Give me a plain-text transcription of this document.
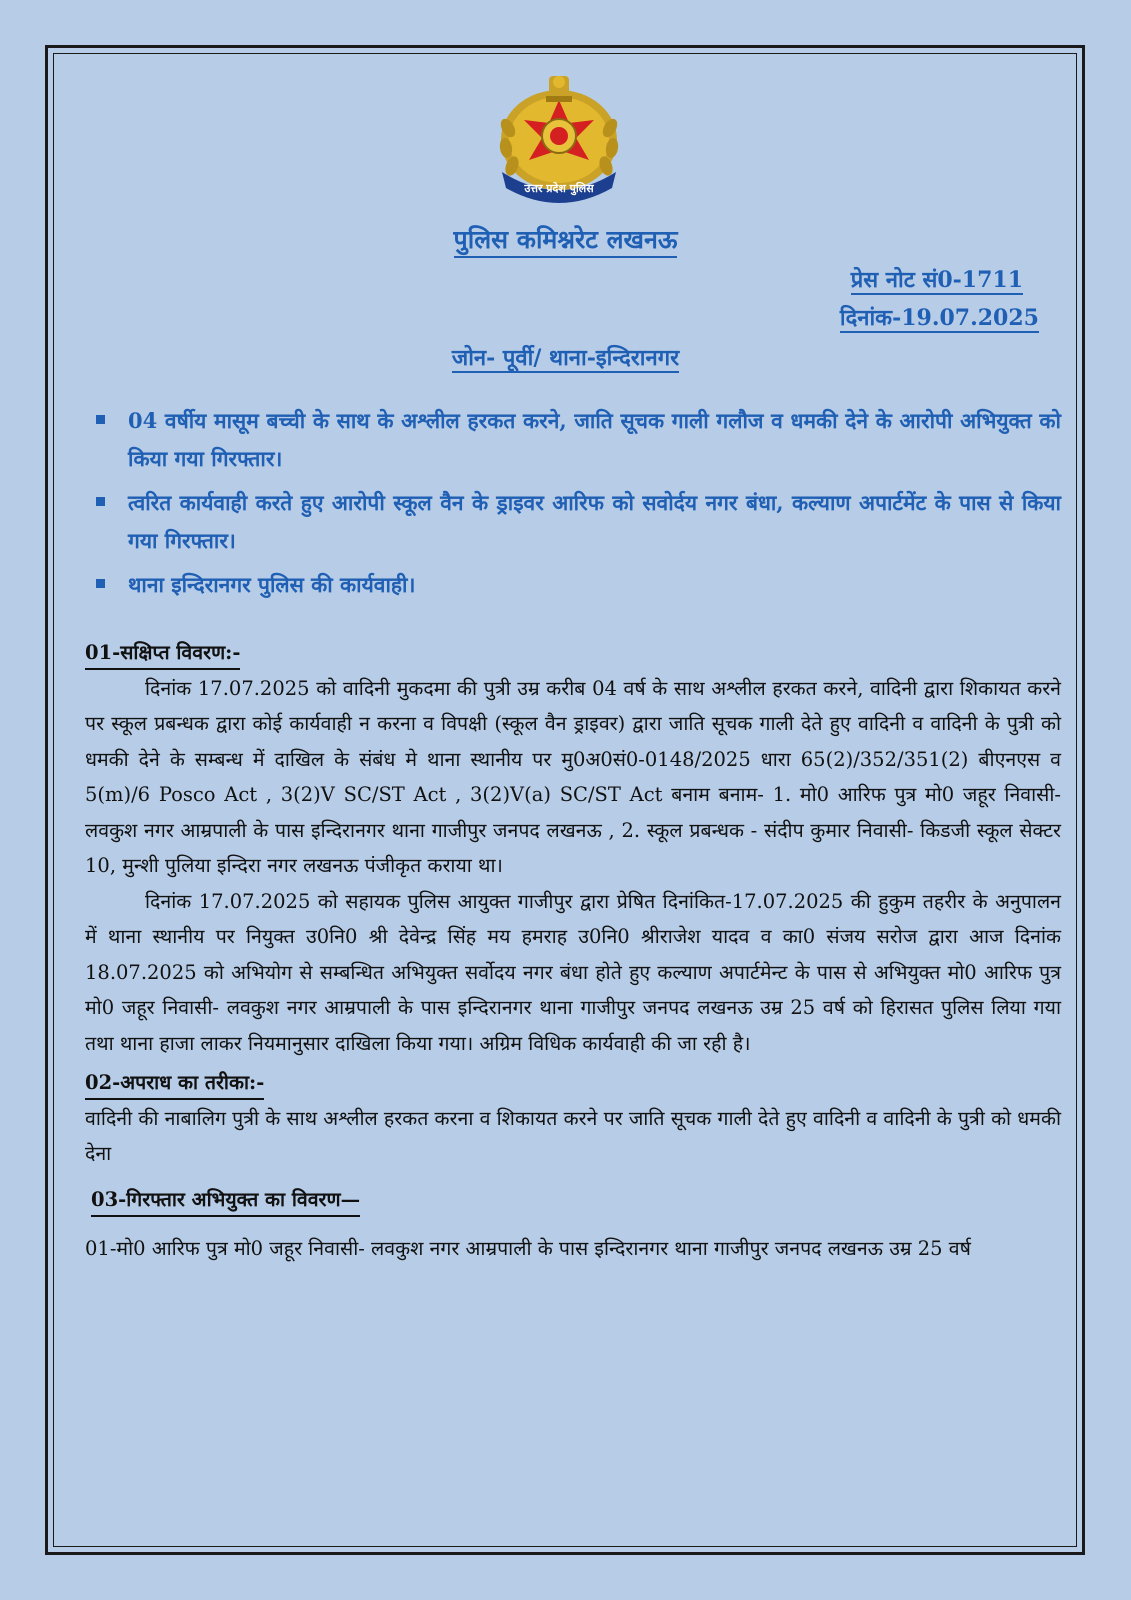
उत्तर प्रदेश पुलिस
पुलिस कमिश्नरेट लखनऊ
प्रेस नोट सं0-1711
दिनांक-19.07.2025
जोन- पूर्वी/ थाना-इन्दिरानगर
04 वर्षीय मासूम बच्ची के साथ के अश्लील हरकत करने, जाति सूचक गाली गलौज व धमकी देने के आरोपी अभियुक्त को किया गया गिरफ्तार।
त्वरित कार्यवाही करते हुए आरोपी स्कूल वैन के ड्राइवर आरिफ को सवोर्दय नगर बंधा, कल्याण अपार्टमेंट के पास से किया गया गिरफ्तार।
थाना इन्दिरानगर पुलिस की कार्यवाही।
01-सक्षिप्त विवरण:-

दिनांक 17.07.2025 को वादिनी मुकदमा की पुत्री उम्र करीब 04 वर्ष के साथ अश्लील हरकत करने, वादिनी द्वारा शिकायत करने पर स्कूल प्रबन्धक द्वारा कोई कार्यवाही न करना व विपक्षी (स्कूल वैन ड्राइवर) द्वारा जाति सूचक गाली देते हुए वादिनी व वादिनी के पुत्री को धमकी देने के सम्बन्ध में दाखिल के संबंध मे थाना स्थानीय पर मु0अ0सं0-0148/2025 धारा 65(2)/352/351(2) बीएनएस व 5(m)/6 Posco Act , 3(2)V SC/ST Act , 3(2)V(a) SC/ST Act बनाम बनाम- 1. मो0 आरिफ पुत्र मो0 जहूर निवासी- लवकुश नगर आम्रपाली के पास इन्दिरानगर थाना गाजीपुर जनपद लखनऊ , 2. स्कूल प्रबन्धक - संदीप कुमार निवासी- किडजी स्कूल सेक्टर 10, मुन्शी पुलिया इन्दिरा नगर लखनऊ पंजीकृत कराया था।

दिनांक 17.07.2025 को सहायक पुलिस आयुक्त गाजीपुर द्वारा प्रेषित दिनांकित-17.07.2025 की हुकुम तहरीर के अनुपालन में थाना स्थानीय पर नियुक्त उ0नि0 श्री देवेन्द्र सिंह मय हमराह उ0नि0 श्रीराजेश यादव व का0 संजय सरोज द्वारा आज दिनांक 18.07.2025 को अभियोग से सम्बन्धित अभियुक्त सर्वोदय नगर बंधा होते हुए कल्याण अपार्टमेन्ट के पास से अभियुक्त मो0 आरिफ पुत्र मो0 जहूर निवासी- लवकुश नगर आम्रपाली के पास इन्दिरानगर थाना गाजीपुर जनपद लखनऊ उम्र 25 वर्ष को हिरासत पुलिस लिया गया तथा थाना हाजा लाकर नियमानुसार दाखिला किया गया। अग्रिम विधिक कार्यवाही की जा रही है।

02-अपराध का तरीका:-

वादिनी की नाबालिग पुत्री के साथ अश्लील हरकत करना व शिकायत करने पर जाति सूचक गाली देते हुए वादिनी व वादिनी के पुत्री को धमकी देना

03-गिरफ्तार अभियुक्त का विवरण—

01-मो0 आरिफ पुत्र मो0 जहूर निवासी- लवकुश नगर आम्रपाली के पास इन्दिरानगर थाना गाजीपुर जनपद लखनऊ उम्र 25 वर्ष
